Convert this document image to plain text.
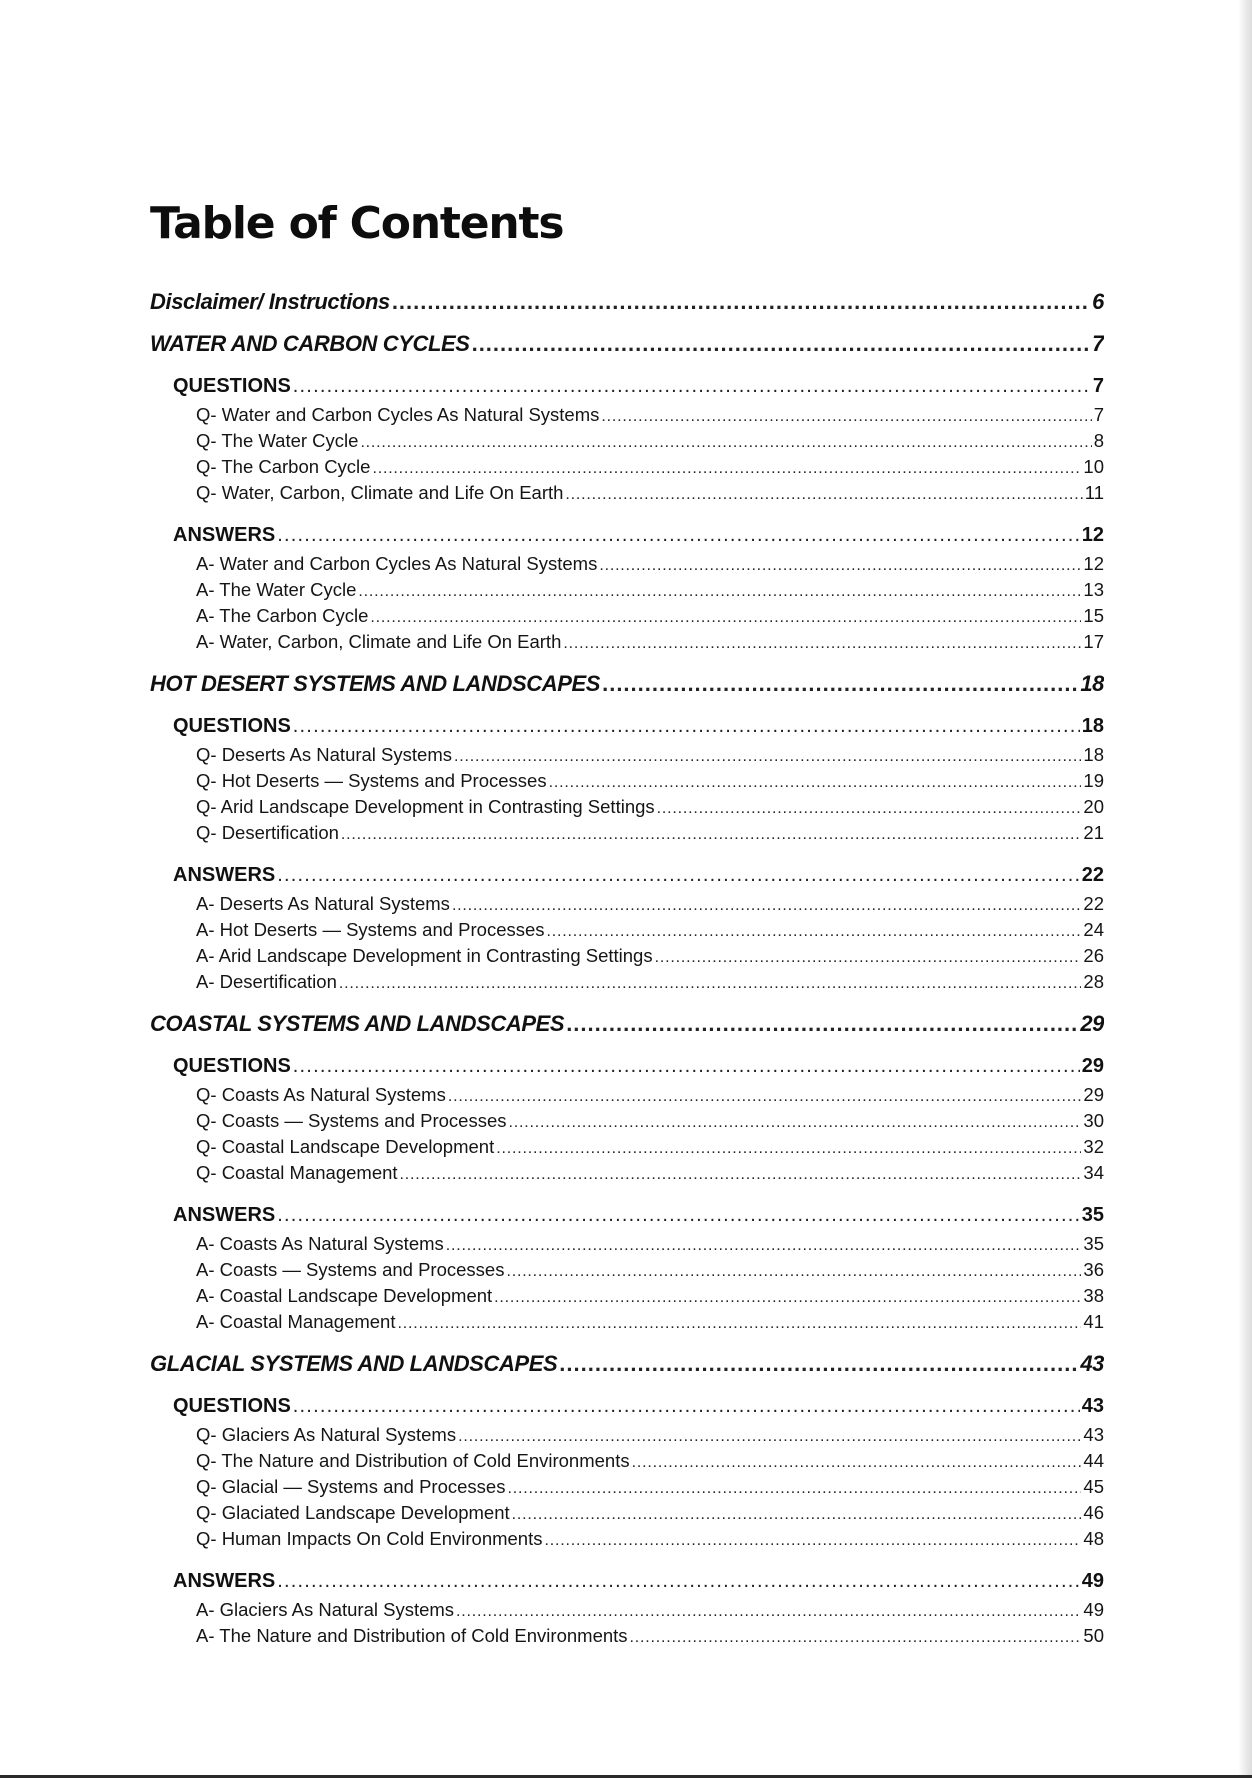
Table of Contents
Disclaimer/ Instructions .....	6
WATER AND CARBON CYCLES .....	7
QUESTIONS .....	7
Q- Water and Carbon Cycles As Natural Systems .....	7
Q- The Water Cycle .....	8
Q- The Carbon Cycle .....	10
Q- Water, Carbon, Climate and Life On Earth .....	11
ANSWERS .....	12
A- Water and Carbon Cycles As Natural Systems .....	12
A- The Water Cycle .....	13
A- The Carbon Cycle .....	15
A- Water, Carbon, Climate and Life On Earth .....	17
HOT DESERT SYSTEMS AND LANDSCAPES .....	18
QUESTIONS .....	18
Q- Deserts As Natural Systems .....	18
Q- Hot Deserts — Systems and Processes .....	19
Q- Arid Landscape Development in Contrasting Settings .....	20
Q- Desertification .....	21
ANSWERS .....	22
A- Deserts As Natural Systems .....	22
A- Hot Deserts — Systems and Processes .....	24
A- Arid Landscape Development in Contrasting Settings .....	26
A- Desertification .....	28
COASTAL SYSTEMS AND LANDSCAPES .....	29
QUESTIONS .....	29
Q- Coasts As Natural Systems .....	29
Q- Coasts — Systems and Processes .....	30
Q- Coastal Landscape Development .....	32
Q- Coastal Management .....	34
ANSWERS .....	35
A- Coasts As Natural Systems .....	35
A- Coasts — Systems and Processes .....	36
A- Coastal Landscape Development .....	38
A- Coastal Management .....	41
GLACIAL SYSTEMS AND LANDSCAPES .....	43
QUESTIONS .....	43
Q- Glaciers As Natural Systems .....	43
Q- The Nature and Distribution of Cold Environments .....	44
Q- Glacial — Systems and Processes .....	45
Q- Glaciated Landscape Development .....	46
Q- Human Impacts On Cold Environments .....	48
ANSWERS .....	49
A- Glaciers As Natural Systems .....	49
A- The Nature and Distribution of Cold Environments .....	50
